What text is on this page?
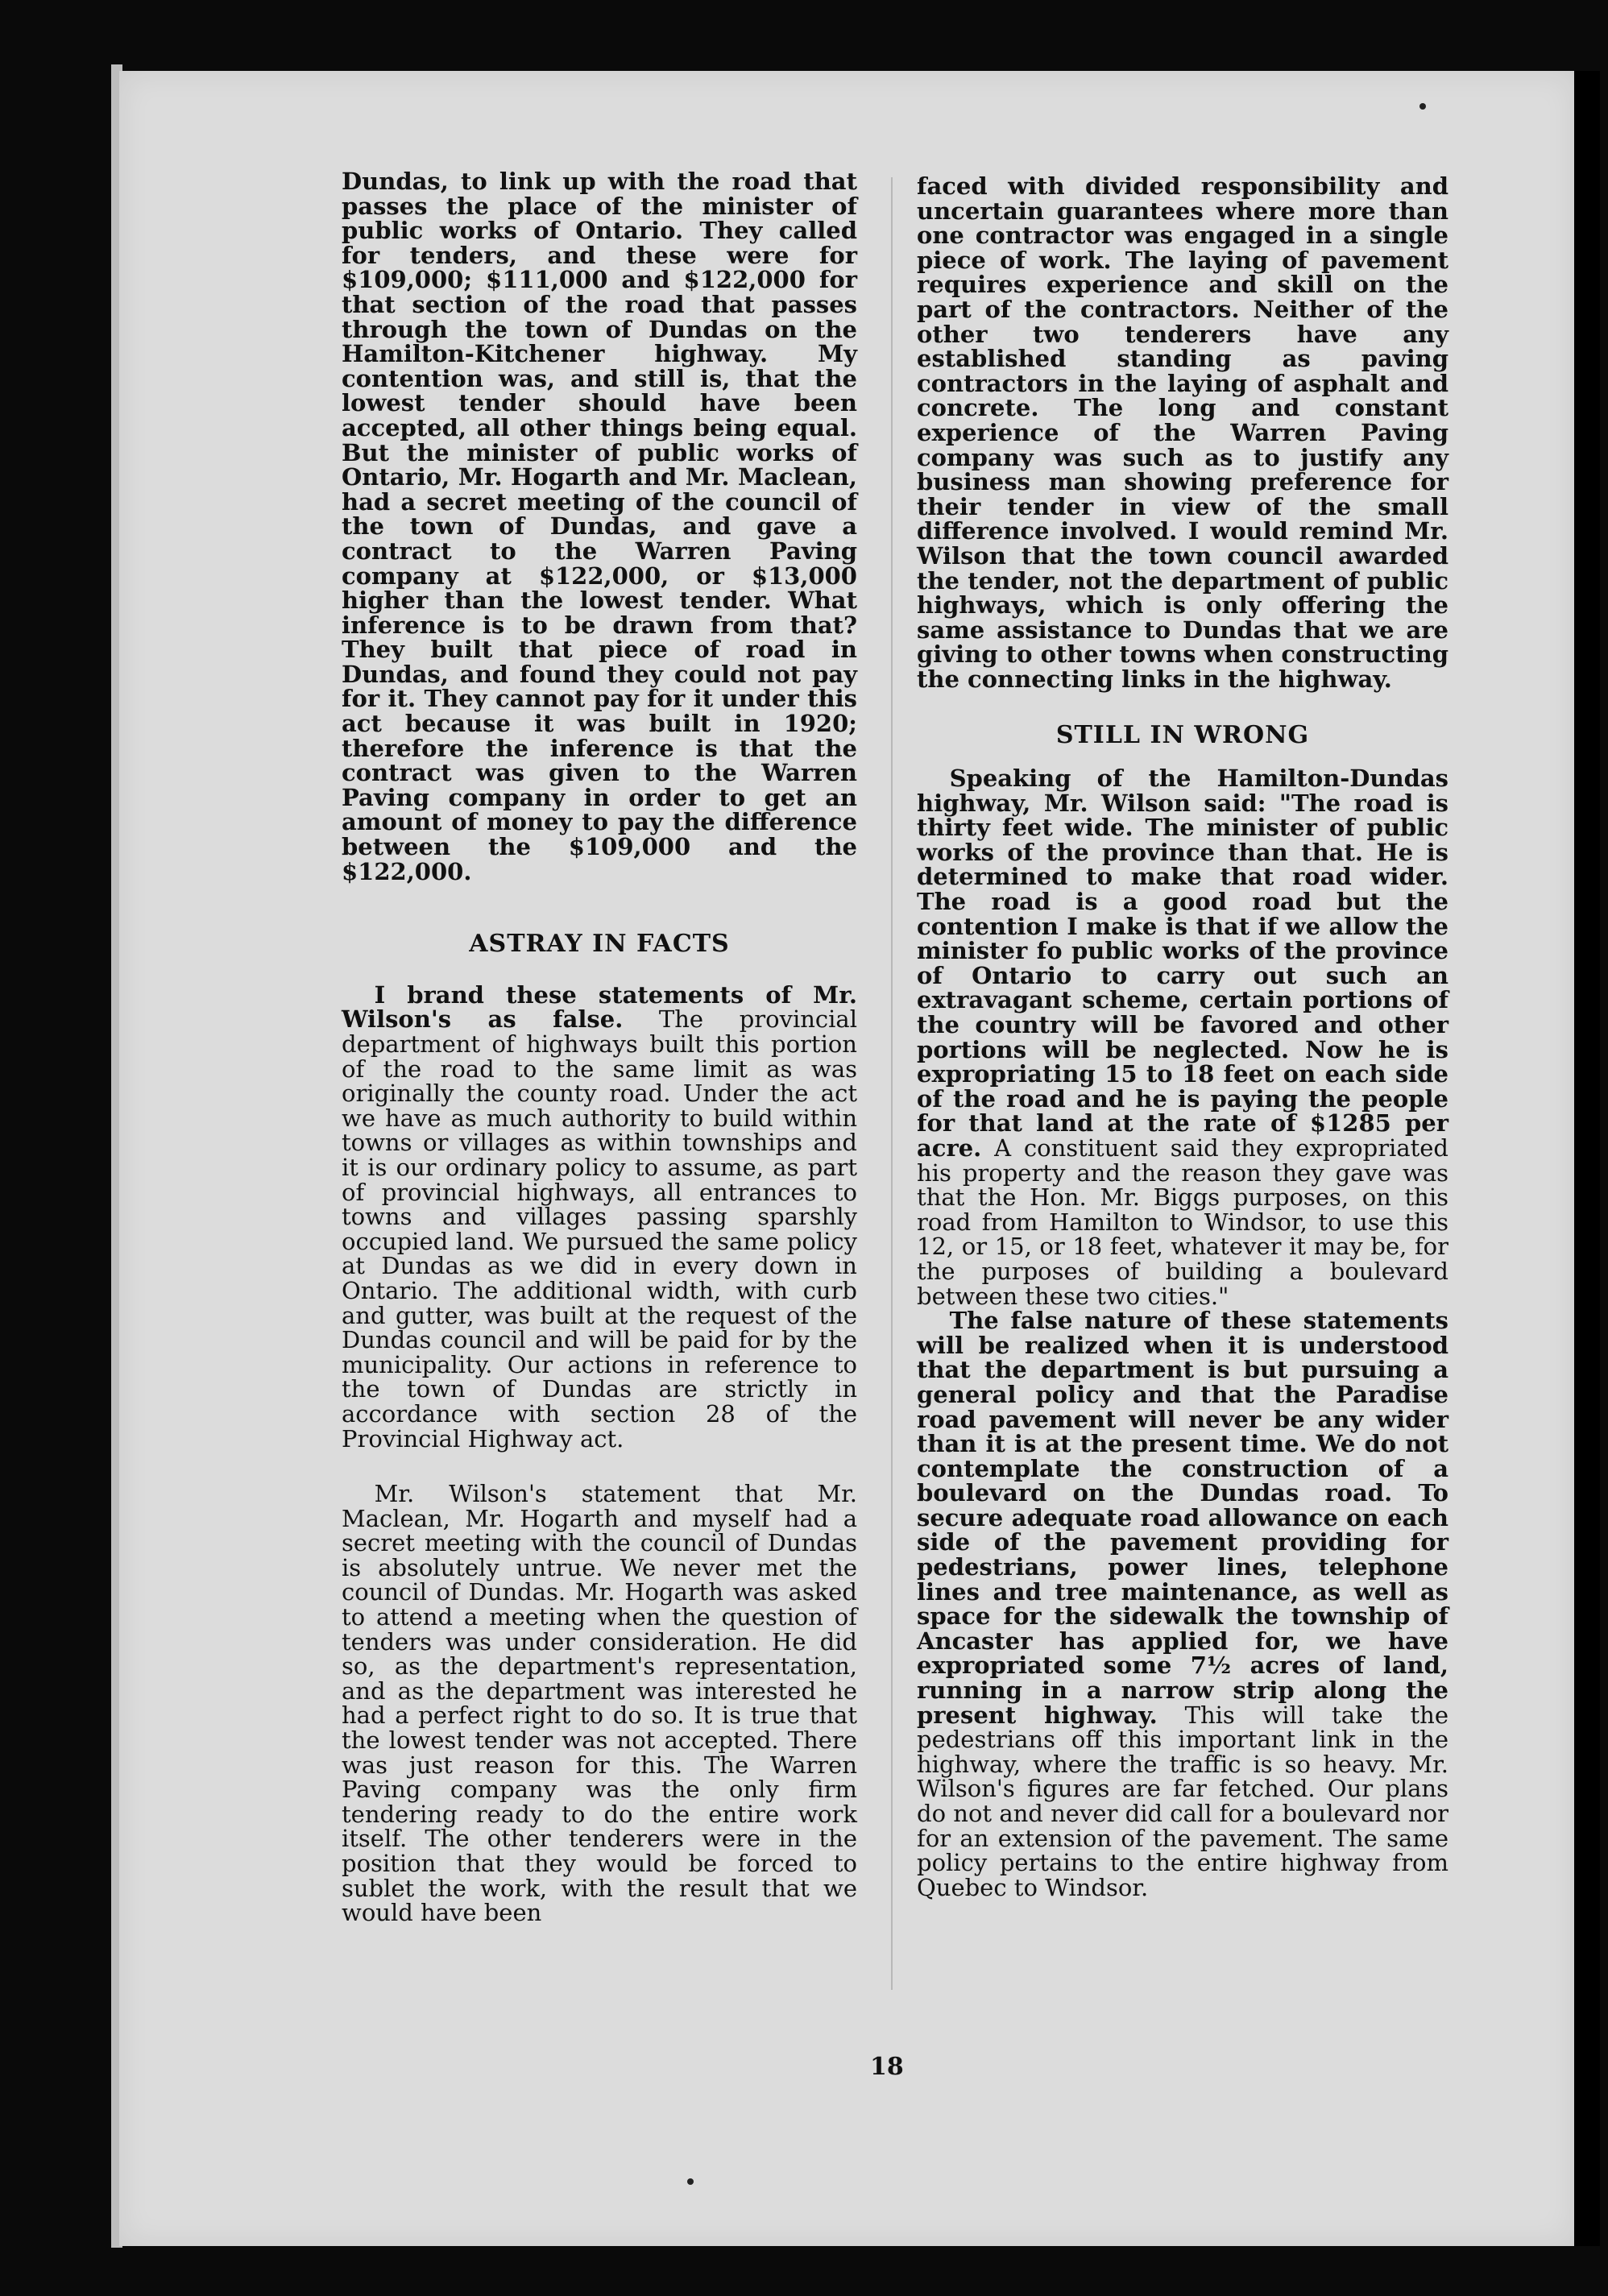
Dundas, to link up with the road that passes the place of the minister of public works of Ontario. They called for tenders, and these were for $109,000; $111,000 and $122,000 for that section of the road that passes through the town of Dundas on the Hamilton-Kitchener highway. My contention was, and still is, that the lowest tender should have been accepted, all other things being equal. But the minister of public works of Ontario, Mr. Hogarth and Mr. Maclean, had a secret meeting of the council of the town of Dundas, and gave a contract to the Warren Paving company at $122,000, or $13,000 higher than the lowest tender. What inference is to be drawn from that? They built that piece of road in Dundas, and found they could not pay for it. They cannot pay for it under this act because it was built in 1920; therefore the inference is that the contract was given to the Warren Paving company in order to get an amount of money to pay the difference between the $109,000 and the $122,000.

ASTRAY IN FACTS

I brand these statements of Mr. Wilson's as false. The provincial department of highways built this portion of the road to the same limit as was originally the county road. Under the act we have as much authority to build within towns or villages as within townships and it is our ordinary policy to assume, as part of provincial highways, all entrances to towns and villages passing sparshly occupied land. We pursued the same policy at Dundas as we did in every down in Ontario. The additional width, with curb and gutter, was built at the request of the Dundas council and will be paid for by the municipality. Our actions in reference to the town of Dundas are strictly in accordance with section 28 of the Provincial Highway act.

Mr. Wilson's statement that Mr. Maclean, Mr. Hogarth and myself had a secret meeting with the council of Dundas is absolutely untrue. We never met the council of Dundas. Mr. Hogarth was asked to attend a meeting when the question of tenders was under consideration. He did so, as the department's representation, and as the department was interested he had a perfect right to do so. It is true that the lowest tender was not accepted. There was just reason for this. The Warren Paving company was the only firm tendering ready to do the entire work itself. The other tenderers were in the position that they would be forced to sublet the work, with the result that we would have been

faced with divided responsibility and uncertain guarantees where more than one contractor was engaged in a single piece of work. The laying of pavement requires experience and skill on the part of the contractors. Neither of the other two tenderers have any established standing as paving contractors in the laying of asphalt and concrete. The long and constant experience of the Warren Paving company was such as to justify any business man showing preference for their tender in view of the small difference involved. I would remind Mr. Wilson that the town council awarded the tender, not the department of public highways, which is only offering the same assistance to Dundas that we are giving to other towns when constructing the connecting links in the highway.

STILL IN WRONG

Speaking of the Hamilton-Dundas highway, Mr. Wilson said: "The road is thirty feet wide. The minister of public works of the province than that. He is determined to make that road wider. The road is a good road but the contention I make is that if we allow the minister fo public works of the province of Ontario to carry out such an extravagant scheme, certain portions of the country will be favored and other portions will be neglected. Now he is expropriating 15 to 18 feet on each side of the road and he is paying the people for that land at the rate of $1285 per acre. A constituent said they expropriated his property and the reason they gave was that the Hon. Mr. Biggs purposes, on this road from Hamilton to Windsor, to use this 12, or 15, or 18 feet, whatever it may be, for the purposes of building a boulevard between these two cities."

The false nature of these statements will be realized when it is understood that the department is but pursuing a general policy and that the Paradise road pavement will never be any wider than it is at the present time. We do not contemplate the construction of a boulevard on the Dundas road. To secure adequate road allowance on each side of the pavement providing for pedestrians, power lines, telephone lines and tree maintenance, as well as space for the sidewalk the township of Ancaster has applied for, we have expropriated some 7½ acres of land, running in a narrow strip along the present highway. This will take the pedestrians off this important link in the highway, where the traffic is so heavy. Mr. Wilson's figures are far fetched. Our plans do not and never did call for a boulevard nor for an extension of the pavement. The same policy pertains to the entire highway from Quebec to Windsor.

18
